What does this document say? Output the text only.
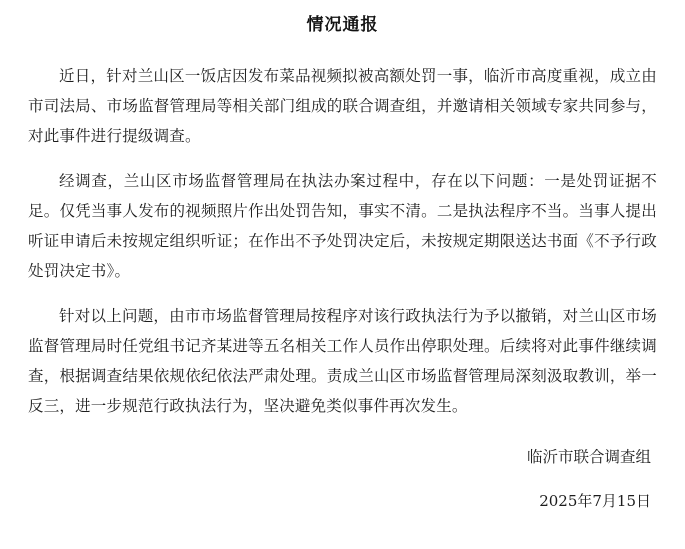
情况通报

近日，针对兰山区一饭店因发布菜品视频拟被高额处罚一事，临沂市高度重视，成立由市司法局、市场监督管理局等相关部门组成的联合调查组，并邀请相关领域专家共同参与，对此事件进行提级调查。

经调查，兰山区市场监督管理局在执法办案过程中，存在以下问题：一是处罚证据不足。仅凭当事人发布的视频照片作出处罚告知，事实不清。二是执法程序不当。当事人提出听证申请后未按规定组织听证；在作出不予处罚决定后，未按规定期限送达书面《不予行政处罚决定书》。

针对以上问题，由市市场监督管理局按程序对该行政执法行为予以撤销，对兰山区市场监督管理局时任党组书记齐某进等五名相关工作人员作出停职处理。后续将对此事件继续调查，根据调查结果依规依纪依法严肃处理。责成兰山区市场监督管理局深刻汲取教训，举一反三，进一步规范行政执法行为，坚决避免类似事件再次发生。

临沂市联合调查组
2025年7月15日
